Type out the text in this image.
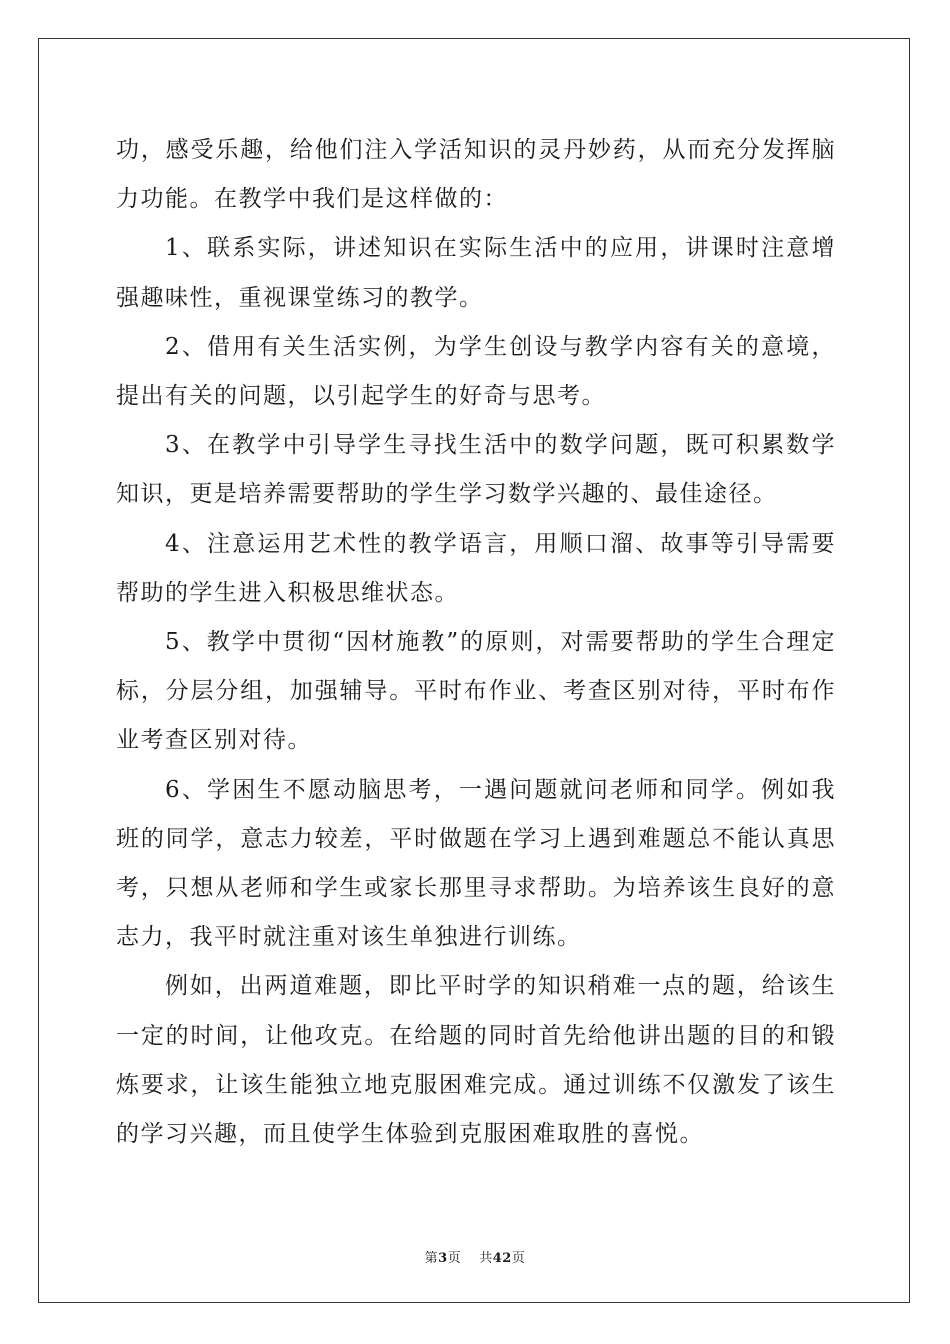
功，感受乐趣，给他们注入学活知识的灵丹妙药，从而充分发挥脑力功能。在教学中我们是这样做的：

1、联系实际，讲述知识在实际生活中的应用，讲课时注意增强趣味性，重视课堂练习的教学。

2、借用有关生活实例，为学生创设与教学内容有关的意境，提出有关的问题，以引起学生的好奇与思考。

3、在教学中引导学生寻找生活中的数学问题，既可积累数学知识，更是培养需要帮助的学生学习数学兴趣的、最佳途径。

4、注意运用艺术性的教学语言，用顺口溜、故事等引导需要帮助的学生进入积极思维状态。

5、教学中贯彻“因材施教”的原则，对需要帮助的学生合理定标，分层分组，加强辅导。平时布作业、考查区别对待，平时布作业考查区别对待。

6、学困生不愿动脑思考，一遇问题就问老师和同学。例如我班的同学，意志力较差，平时做题在学习上遇到难题总不能认真思考，只想从老师和学生或家长那里寻求帮助。为培养该生良好的意志力，我平时就注重对该生单独进行训练。

例如，出两道难题，即比平时学的知识稍难一点的题，给该生一定的时间，让他攻克。在给题的同时首先给他讲出题的目的和锻炼要求，让该生能独立地克服困难完成。通过训练不仅激发了该生的学习兴趣，而且使学生体验到克服困难取胜的喜悦。

第3页 共42页
